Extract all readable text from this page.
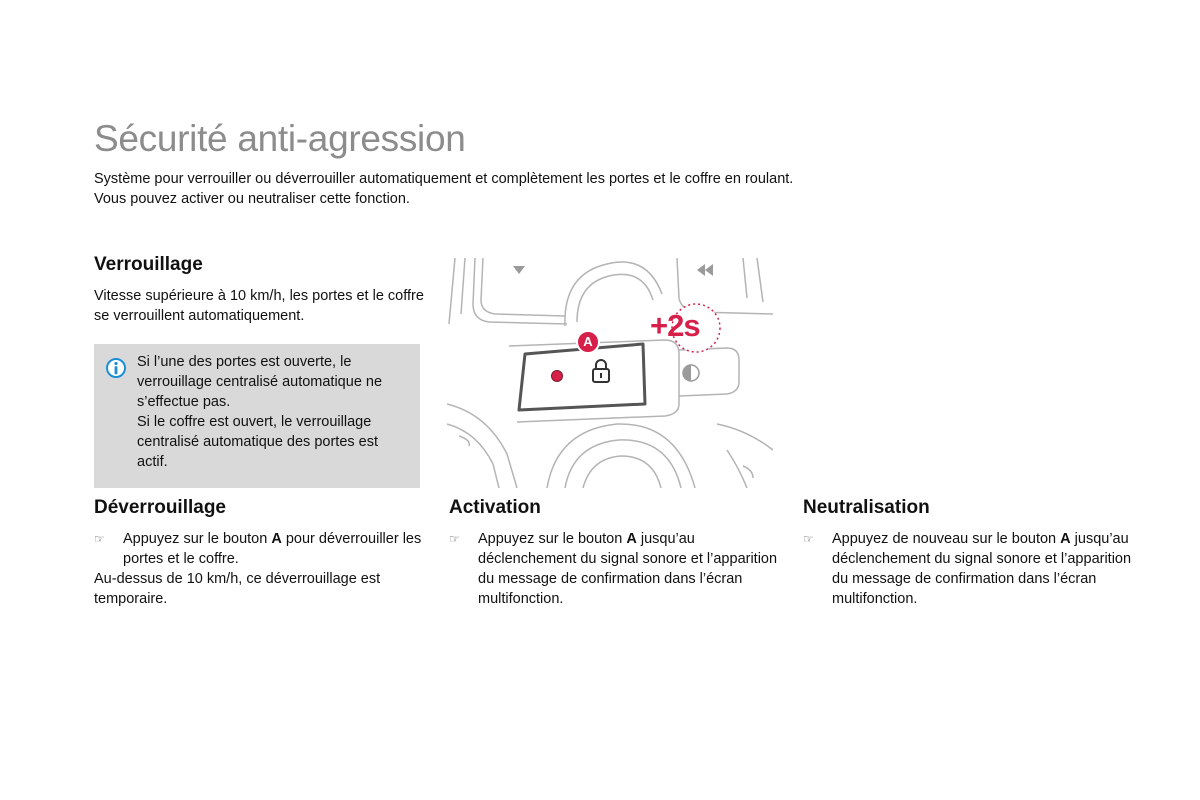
Sécurité anti-agression

Système pour verrouiller ou déverrouiller automatiquement et complètement les portes et le coffre en roulant.

Vous pouvez activer ou neutraliser cette fonction.

Verrouillage

Vitesse supérieure à 10 km/h, les portes et le coffre se verrouillent automatiquement.

Si l’une des portes est ouverte, le verrouillage centralisé automatique ne s’effectue pas.

Si le coffre est ouvert, le verrouillage centralisé automatique des portes est actif.

A +2s
Déverrouillage
☞ Appuyez sur le bouton A pour déverrouiller les portes et le coffre.

Au-dessus de 10 km/h, ce déverrouillage est temporaire.

Activation
☞ Appuyez sur le bouton A jusqu’au déclenchement du signal sonore et l’apparition du message de confirmation dans l’écran multifonction.
Neutralisation
☞ Appuyez de nouveau sur le bouton A jusqu’au déclenchement du signal sonore et l’apparition du message de confirmation dans l’écran multifonction.
